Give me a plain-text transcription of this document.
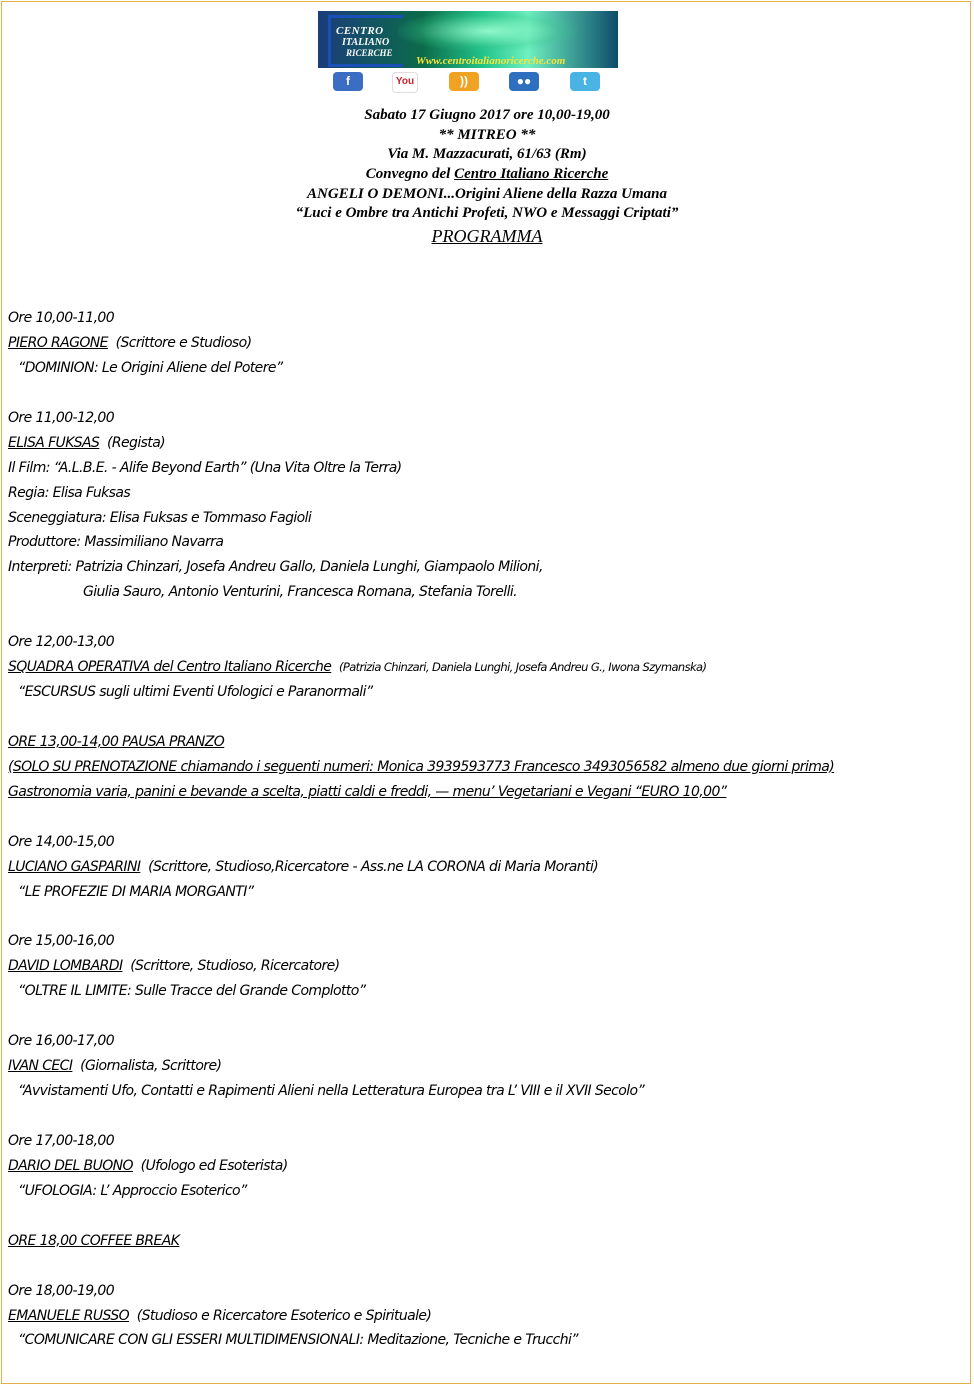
CENTRO
ITALIANO
RICERCHE
Www.centroitalianoricerche.com
f	You	))	●●	t
Sabato 17 Giugno 2017 ore 10,00-19,00
** MITREO **
Via M. Mazzacurati, 61/63 (Rm)
Convegno del Centro Italiano Ricerche
ANGELI O DEMONI...Origini Aliene della Razza Umana
“Luci e Ombre tra Antichi Profeti, NWO e Messaggi Criptati”
PROGRAMMA
Ore 10,00-11,00
PIERO RAGONE (Scrittore e Studioso)
“DOMINION: Le Origini Aliene del Potere”
Ore 11,00-12,00
ELISA FUKSAS (Regista)
Il Film: “A.L.B.E. - Alife Beyond Earth” (Una Vita Oltre la Terra)
Regia: Elisa Fuksas
Sceneggiatura: Elisa Fuksas e Tommaso Fagioli
Produttore: Massimiliano Navarra
Interpreti: Patrizia Chinzari, Josefa Andreu Gallo, Daniela Lunghi, Giampaolo Milioni,
Giulia Sauro, Antonio Venturini, Francesca Romana, Stefania Torelli.
Ore 12,00-13,00
SQUADRA OPERATIVA del Centro Italiano Ricerche (Patrizia Chinzari, Daniela Lunghi, Josefa Andreu G., Iwona Szymanska)
“ESCURSUS sugli ultimi Eventi Ufologici e Paranormali”
ORE 13,00-14,00 PAUSA PRANZO
(SOLO SU PRENOTAZIONE chiamando i seguenti numeri: Monica 3939593773 Francesco 3493056582 almeno due giorni prima)
Gastronomia varia, panini e bevande a scelta, piatti caldi e freddi, — menu’ Vegetariani e Vegani “EURO 10,00”
Ore 14,00-15,00
LUCIANO GASPARINI (Scrittore, Studioso,Ricercatore - Ass.ne LA CORONA di Maria Moranti)
“LE PROFEZIE DI MARIA MORGANTI”
Ore 15,00-16,00
DAVID LOMBARDI (Scrittore, Studioso, Ricercatore)
“OLTRE IL LIMITE: Sulle Tracce del Grande Complotto”
Ore 16,00-17,00
IVAN CECI (Giornalista, Scrittore)
“Avvistamenti Ufo, Contatti e Rapimenti Alieni nella Letteratura Europea tra L’ VIII e il XVII Secolo”
Ore 17,00-18,00
DARIO DEL BUONO (Ufologo ed Esoterista)
“UFOLOGIA: L’ Approccio Esoterico”
ORE 18,00 COFFEE BREAK
Ore 18,00-19,00
EMANUELE RUSSO (Studioso e Ricercatore Esoterico e Spirituale)
“COMUNICARE CON GLI ESSERI MULTIDIMENSIONALI: Meditazione, Tecniche e Trucchi”
